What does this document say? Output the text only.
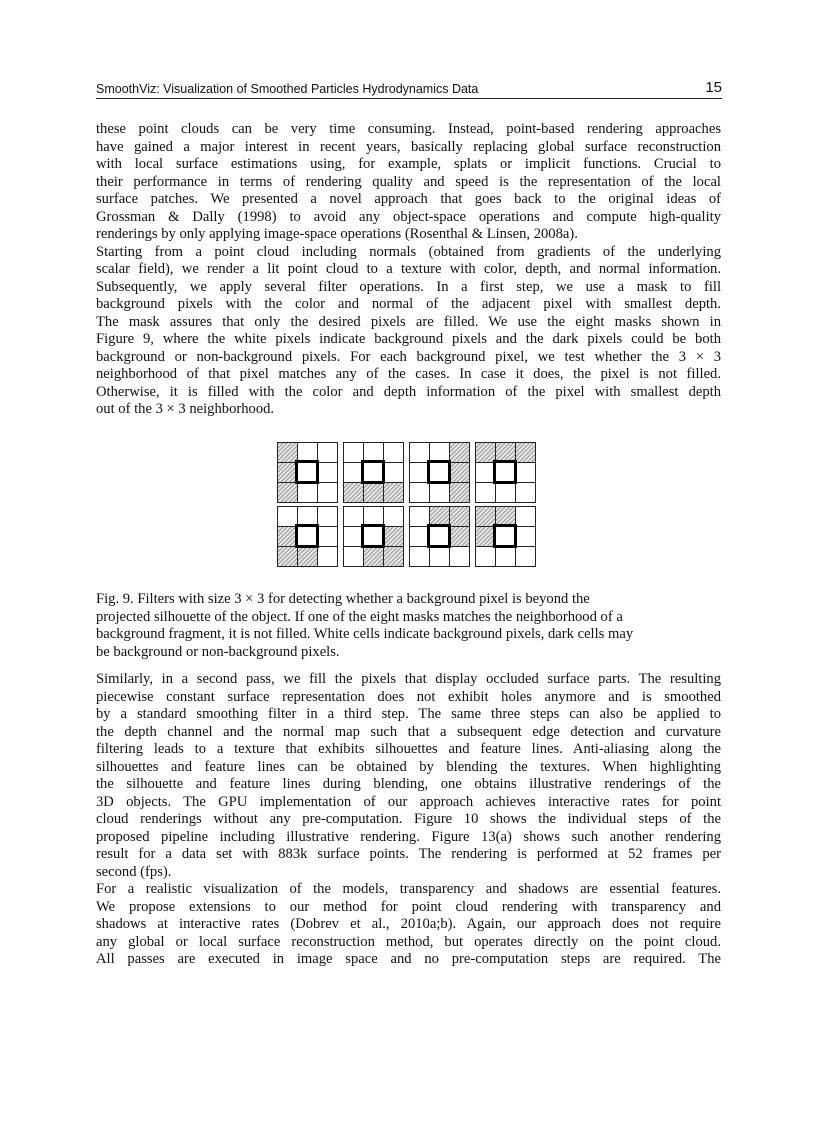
SmoothViz: Visualization of Smoothed Particles Hydrodynamics Data	15
these point clouds can be very time consuming. Instead, point-based rendering approaches
have gained a major interest in recent years, basically replacing global surface reconstruction
with local surface estimations using, for example, splats or implicit functions. Crucial to
their performance in terms of rendering quality and speed is the representation of the local
surface patches. We presented a novel approach that goes back to the original ideas of
Grossman & Dally (1998) to avoid any object-space operations and compute high-quality
renderings by only applying image-space operations (Rosenthal & Linsen, 2008a).
Starting from a point cloud including normals (obtained from gradients of the underlying
scalar field), we render a lit point cloud to a texture with color, depth, and normal information.
Subsequently, we apply several filter operations. In a first step, we use a mask to fill
background pixels with the color and normal of the adjacent pixel with smallest depth.
The mask assures that only the desired pixels are filled. We use the eight masks shown in
Figure 9, where the white pixels indicate background pixels and the dark pixels could be both
background or non-background pixels. For each background pixel, we test whether the 3 × 3
neighborhood of that pixel matches any of the cases. In case it does, the pixel is not filled.
Otherwise, it is filled with the color and depth information of the pixel with smallest depth
out of the 3 × 3 neighborhood.
Fig. 9. Filters with size 3 × 3 for detecting whether a background pixel is beyond the
projected silhouette of the object. If one of the eight masks matches the neighborhood of a
background fragment, it is not filled. White cells indicate background pixels, dark cells may
be background or non-background pixels.
Similarly, in a second pass, we fill the pixels that display occluded surface parts. The resulting
piecewise constant surface representation does not exhibit holes anymore and is smoothed
by a standard smoothing filter in a third step. The same three steps can also be applied to
the depth channel and the normal map such that a subsequent edge detection and curvature
filtering leads to a texture that exhibits silhouettes and feature lines. Anti-aliasing along the
silhouettes and feature lines can be obtained by blending the textures. When highlighting
the silhouette and feature lines during blending, one obtains illustrative renderings of the
3D objects. The GPU implementation of our approach achieves interactive rates for point
cloud renderings without any pre-computation. Figure 10 shows the individual steps of the
proposed pipeline including illustrative rendering. Figure 13(a) shows such another rendering
result for a data set with 883k surface points. The rendering is performed at 52 frames per
second (fps).
For a realistic visualization of the models, transparency and shadows are essential features.
We propose extensions to our method for point cloud rendering with transparency and
shadows at interactive rates (Dobrev et al., 2010a;b). Again, our approach does not require
any global or local surface reconstruction method, but operates directly on the point cloud.
All passes are executed in image space and no pre-computation steps are required. The
